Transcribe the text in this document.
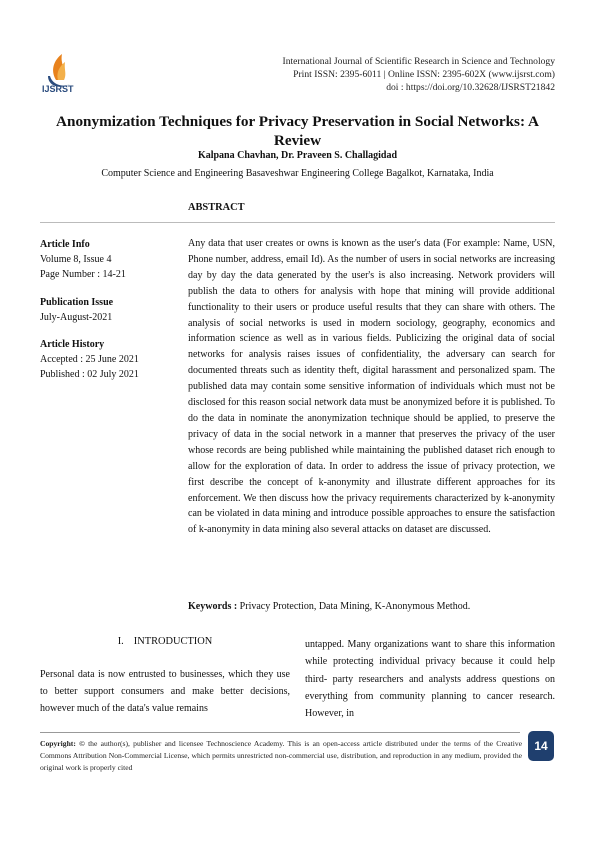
IJSRST
International Journal of Scientific Research in Science and Technology
Print ISSN: 2395-6011 | Online ISSN: 2395-602X (www.ijsrst.com)
doi : https://doi.org/10.32628/IJSRST21842
Anonymization Techniques for Privacy Preservation in Social Networks: A Review
Kalpana Chavhan, Dr. Praveen S. Challagidad
Computer Science and Engineering Basaveshwar Engineering College Bagalkot, Karnataka, India
ABSTRACT
Article Info
Volume 8, Issue 4
Page Number : 14-21
Publication Issue
July-August-2021
Article History
Accepted : 25 June 2021
Published : 02 July 2021
Any data that user creates or owns is known as the user's data (For example: Name, USN, Phone number, address, email Id). As the number of users in social networks are increasing day by day the data generated by the user's is also increasing. Network providers will publish the data to others for analysis with hope that mining will provide additional functionality to their users or produce useful results that they can share with others. The analysis of social networks is used in modern sociology, geography, economics and information science as well as in various fields. Publicizing the original data of social networks for analysis raises issues of confidentiality, the adversary can search for documented threats such as identity theft, digital harassment and personalized spam. The published data may contain some sensitive information of individuals which must not be disclosed for this reason social network data must be anonymized before it is published. To do the data in nominate the anonymization technique should be applied, to preserve the privacy of data in the social network in a manner that preserves the privacy of the user whose records are being published while maintaining the published dataset rich enough to allow for the exploration of data. In order to address the issue of privacy protection, we first describe the concept of k-anonymity and illustrate different approaches for its enforcement. We then discuss how the privacy requirements characterized by k-anonymity can be violated in data mining and introduce possible approaches to ensure the satisfaction of k-anonymity in data mining also several attacks on dataset are discussed.
Keywords : Privacy Protection, Data Mining, K-Anonymous Method.
I. INTRODUCTION
Personal data is now entrusted to businesses, which they use to better support consumers and make better decisions, however much of the data's value remains
untapped. Many organizations want to share this information while protecting individual privacy because it could help third- party researchers and analysts address questions on everything from community planning to cancer research. However, in
Copyright: © the author(s), publisher and licensee Technoscience Academy. This is an open-access article distributed under the terms of the Creative Commons Attribution Non-Commercial License, which permits unrestricted non-commercial use, distribution, and reproduction in any medium, provided the original work is properly cited
14
